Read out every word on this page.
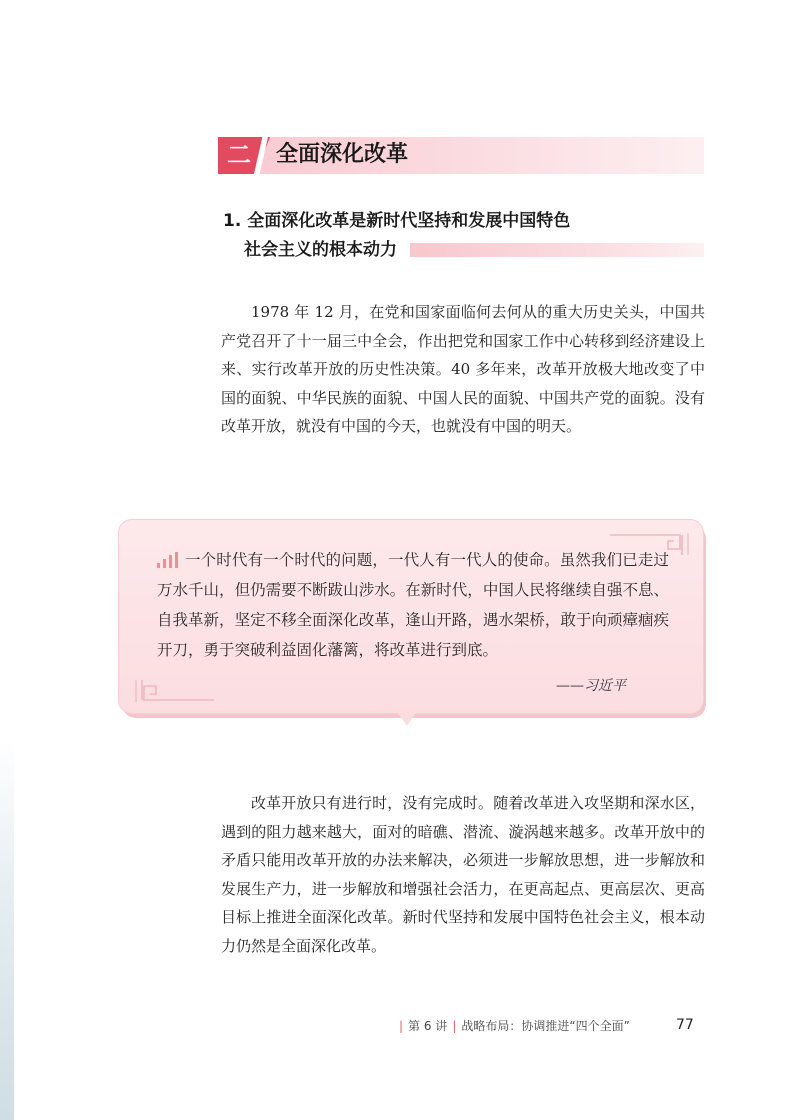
二 全面深化改革
1. 全面深化改革是新时代坚持和发展中国特色
社会主义的根本动力
1978 年 12 月，在党和国家面临何去何从的重大历史关头，中国共产党召开了十一届三中全会，作出把党和国家工作中心转移到经济建设上来、实行改革开放的历史性决策。40 多年来，改革开放极大地改变了中国的面貌、中华民族的面貌、中国人民的面貌、中国共产党的面貌。没有改革开放，就没有中国的今天，也就没有中国的明天。
一个时代有一个时代的问题，一代人有一代人的使命。虽然我们已走过万水千山，但仍需要不断跋山涉水。在新时代，中国人民将继续自强不息、自我革新，坚定不移全面深化改革，逢山开路，遇水架桥，敢于向顽瘴痼疾开刀，勇于突破利益固化藩篱，将改革进行到底。
——习近平
改革开放只有进行时，没有完成时。随着改革进入攻坚期和深水区，遇到的阻力越来越大，面对的暗礁、潜流、漩涡越来越多。改革开放中的矛盾只能用改革开放的办法来解决，必须进一步解放思想，进一步解放和发展生产力，进一步解放和增强社会活力，在更高起点、更高层次、更高目标上推进全面深化改革。新时代坚持和发展中国特色社会主义，根本动力仍然是全面深化改革。
| 第 6 讲 | 战略布局：协调推进“四个全面”	77
